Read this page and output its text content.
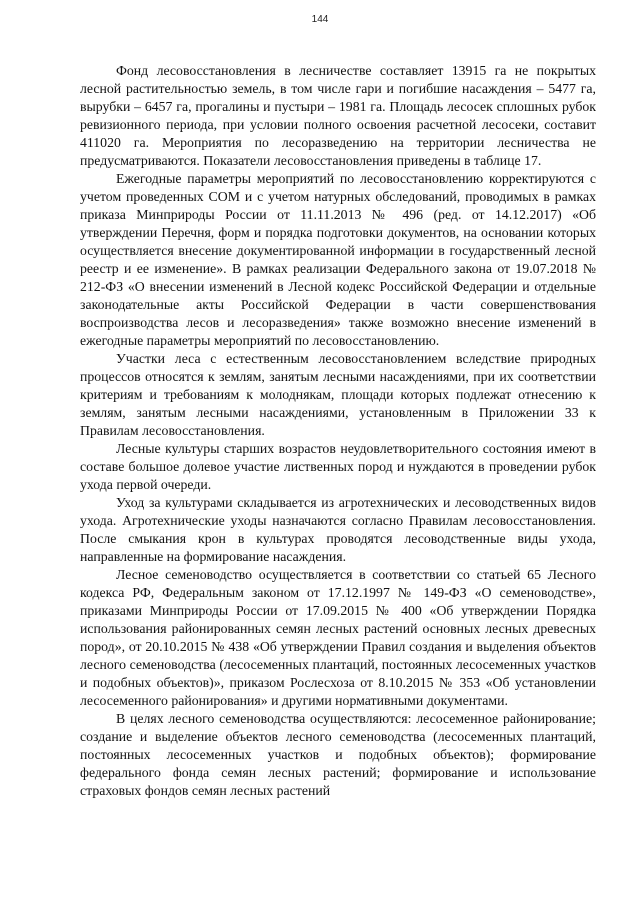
144

Фонд лесовосстановления в лесничестве составляет 13915 га не покрытых лесной растительностью земель, в том числе гари и погибшие насаждения – 5477 га, вырубки – 6457 га, прогалины и пустыри – 1981 га. Площадь лесосек сплошных рубок ревизионного периода, при условии полного освоения расчетной лесосеки, составит 411020 га. Мероприятия по лесоразведению на территории лесничества не предусматриваются. Показатели лесовосстановления приведены в таблице 17.

Ежегодные параметры мероприятий по лесовосстановлению корректируются с учетом проведенных СОМ и с учетом натурных обследований, проводимых в рамках приказа Минприроды России от 11.11.2013 № 496 (ред. от 14.12.2017) «Об утверждении Перечня, форм и порядка подготовки документов, на основании которых осуществляется внесение документированной информации в государственный лесной реестр и ее изменение». В рамках реализации Федерального закона от 19.07.2018 № 212-ФЗ «О внесении изменений в Лесной кодекс Российской Федерации и отдельные законодательные акты Российской Федерации в части совершенствования воспроизводства лесов и лесоразведения» также возможно внесение изменений в ежегодные параметры мероприятий по лесовосстановлению.

Участки леса с естественным лесовосстановлением вследствие природных процессов относятся к землям, занятым лесными насаждениями, при их соответствии критериям и требованиям к молоднякам, площади которых подлежат отнесению к землям, занятым лесными насаждениями, установленным в Приложении 33 к Правилам лесовосстановления.

Лесные культуры старших возрастов неудовлетворительного состояния имеют в составе большое долевое участие лиственных пород и нуждаются в проведении рубок ухода первой очереди.

Уход за культурами складывается из агротехнических и лесоводственных видов ухода. Агротехнические уходы назначаются согласно Правилам лесовосстановления. После смыкания крон в культурах проводятся лесоводственные виды ухода, направленные на формирование насаждения.

Лесное семеноводство осуществляется в соответствии со статьей 65 Лесного кодекса РФ, Федеральным законом от 17.12.1997 № 149-ФЗ «О семеноводстве», приказами Минприроды России от 17.09.2015 № 400 «Об утверждении Порядка использования районированных семян лесных растений основных лесных древесных пород», от 20.10.2015 № 438 «Об утверждении Правил создания и выделения объектов лесного семеноводства (лесосеменных плантаций, постоянных лесосеменных участков и подобных объектов)», приказом Рослесхоза от 8.10.2015 № 353 «Об установлении лесосеменного районирования» и другими нормативными документами.

В целях лесного семеноводства осуществляются: лесосеменное районирование; создание и выделение объектов лесного семеноводства (лесосеменных плантаций, постоянных лесосеменных участков и подобных объектов); формирование федерального фонда семян лесных растений; формирование и использование страховых фондов семян лесных растений
